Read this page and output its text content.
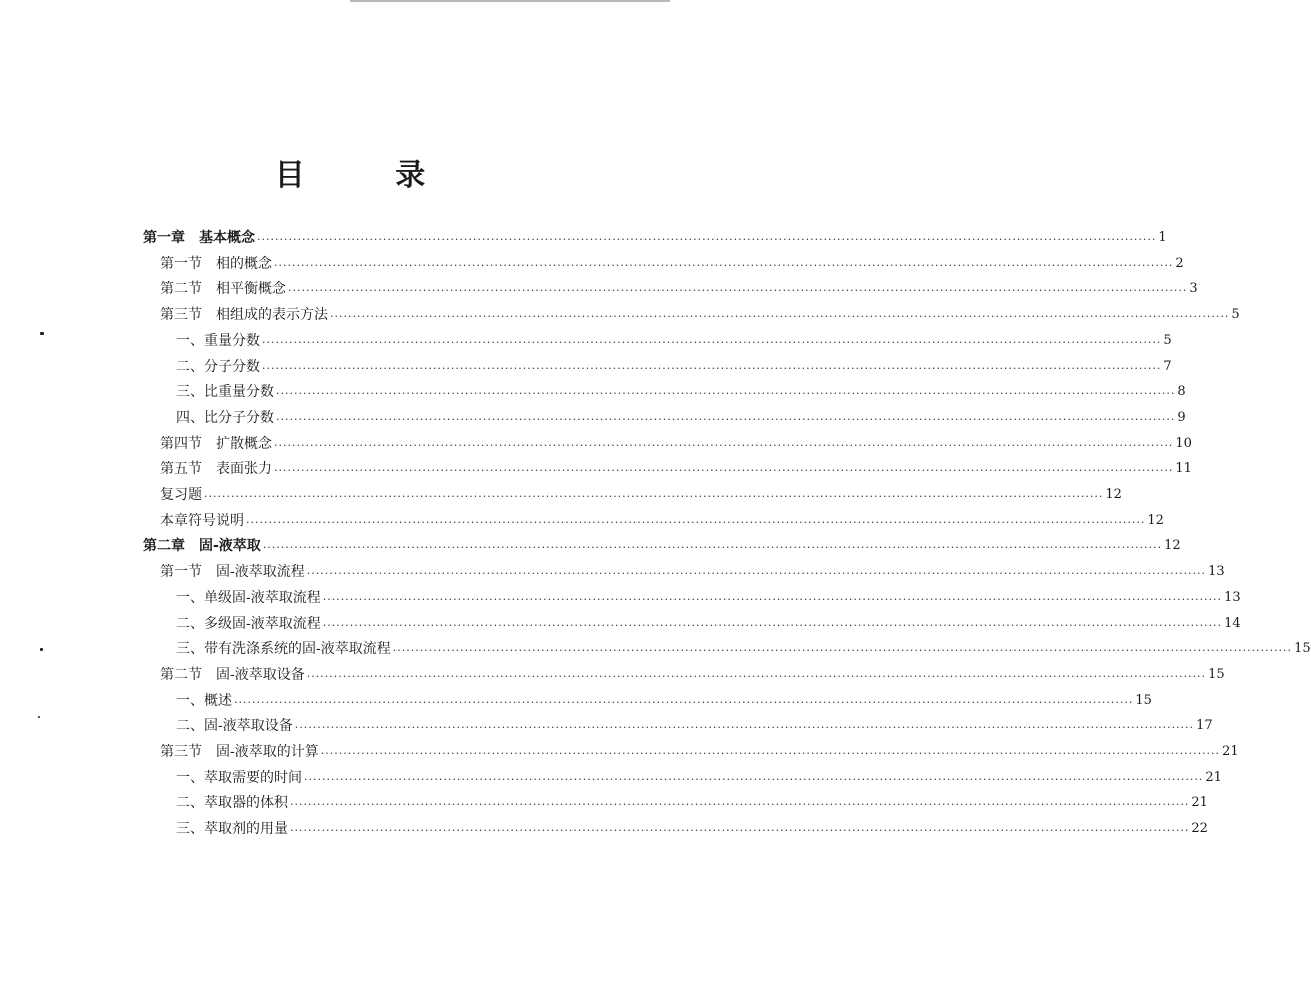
目 录
第一章　基本概念 ········································································································································································································ 1
第一节　相的概念 ········································································································································································································ 2
第二节　相平衡概念 ········································································································································································································ 3
第三节　相组成的表示方法 ········································································································································································································ 5
一、重量分数 ········································································································································································································ 5
二、分子分数 ········································································································································································································ 7
三、比重量分数 ········································································································································································································ 8
四、比分子分数 ········································································································································································································ 9
第四节　扩散概念 ········································································································································································································ 10
第五节　表面张力 ········································································································································································································ 11
复习题 ········································································································································································································ 12
本章符号说明 ········································································································································································································ 12
第二章　固-液萃取 ········································································································································································································ 12
第一节　固-液萃取流程 ········································································································································································································ 13
一、单级固-液萃取流程 ········································································································································································································ 13
二、多级固-液萃取流程 ········································································································································································································ 14
三、带有洗涤系统的固-液萃取流程 ········································································································································································································ 15
第二节　固-液萃取设备 ········································································································································································································ 15
一、概述 ········································································································································································································ 15
二、固-液萃取设备 ········································································································································································································ 17
第三节　固-液萃取的计算 ········································································································································································································ 21
一、萃取需要的时间 ········································································································································································································ 21
二、萃取器的体积 ········································································································································································································ 21
三、萃取剂的用量 ········································································································································································································ 22
